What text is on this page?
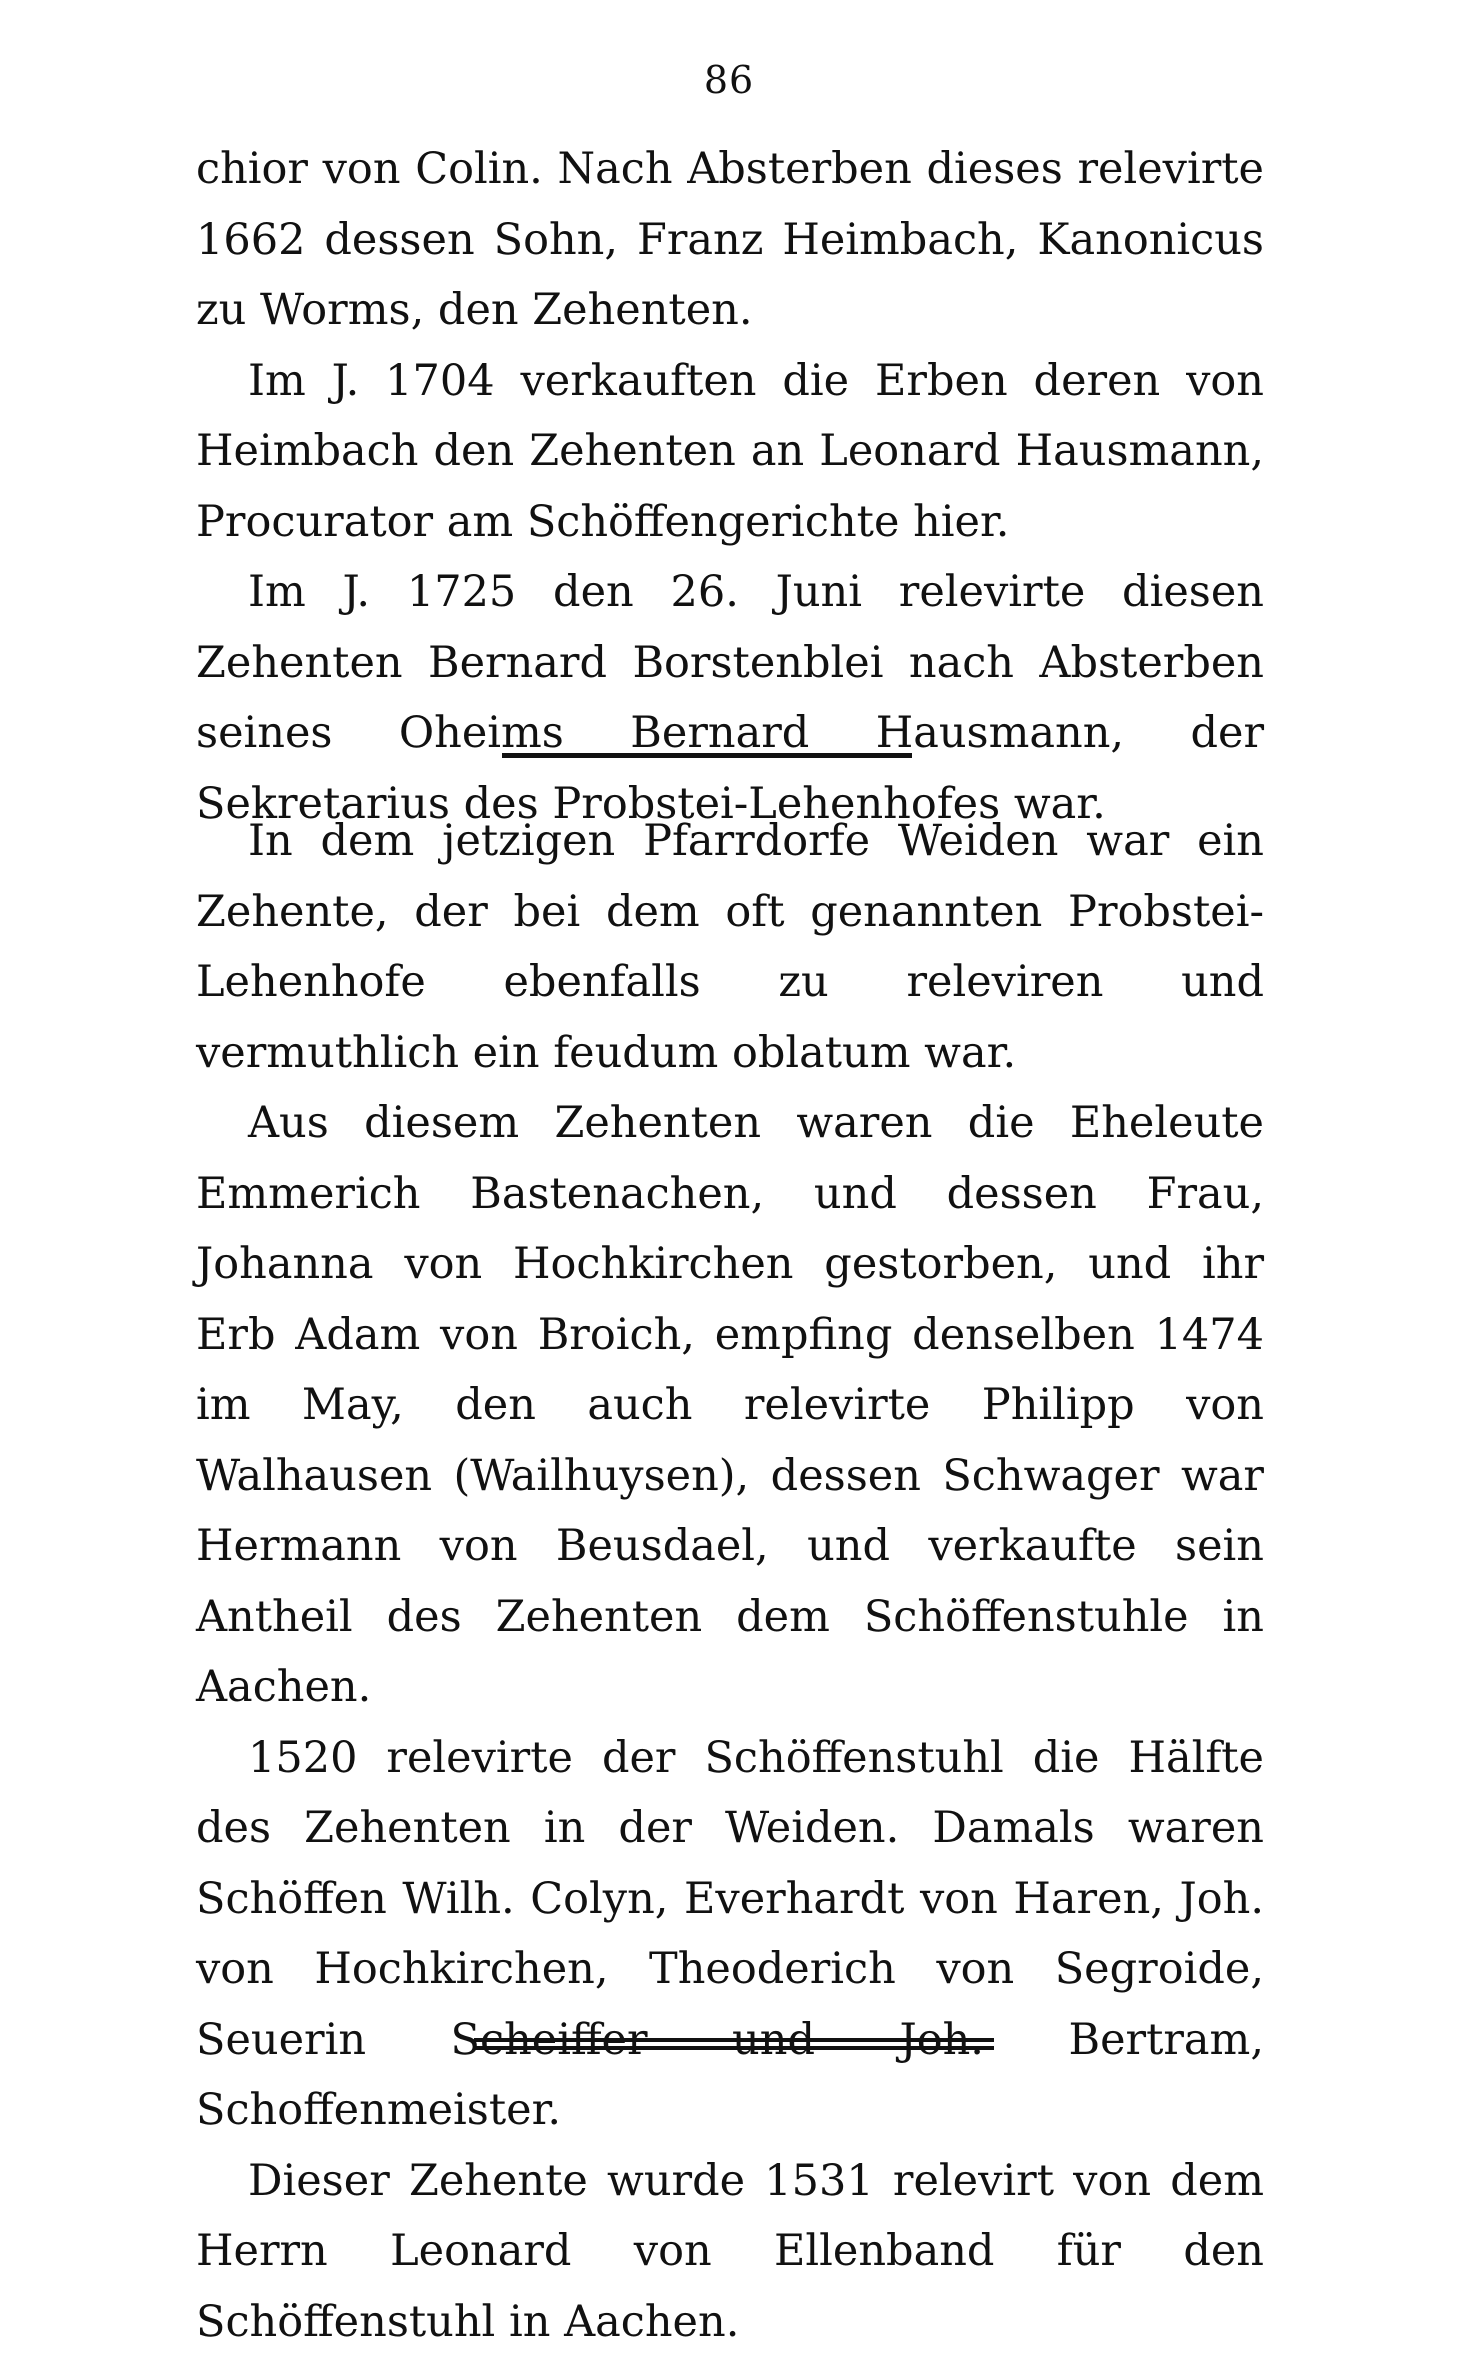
86

chior von Colin. Nach Absterben dieses relevirte 1662 dessen Sohn, Franz Heimbach, Kanonicus zu Worms, den Zehenten.

Im J. 1704 verkauften die Erben deren von Heimbach den Zehenten an Leonard Hausmann, Procurator am Schöffengerichte hier.

Im J. 1725 den 26. Juni relevirte diesen Zehenten Bernard Borstenblei nach Absterben seines Oheims Bernard Hausmann, der Sekretarius des Probstei-Lehenhofes war.

In dem jetzigen Pfarrdorfe Weiden war ein Zehente, der bei dem oft genannten Probstei-Lehenhofe ebenfalls zu releviren und vermuthlich ein feudum oblatum war.

Aus diesem Zehenten waren die Eheleute Emmerich Bastenachen, und dessen Frau, Johanna von Hochkirchen gestorben, und ihr Erb Adam von Broich, empfing denselben 1474 im May, den auch relevirte Philipp von Walhausen (Wailhuysen), dessen Schwager war Hermann von Beusdael, und verkaufte sein Antheil des Zehenten dem Schöffenstuhle in Aachen.

1520 relevirte der Schöffenstuhl die Hälfte des Zehenten in der Weiden. Damals waren Schöffen Wilh. Colyn, Everhardt von Haren, Joh. von Hochkirchen, Theoderich von Segroide, Seuerin Scheiffer und Joh. Bertram, Schoffenmeister.

Dieser Zehente wurde 1531 relevirt von dem Herrn Leonard von Ellenband für den Schöffenstuhl in Aachen.
